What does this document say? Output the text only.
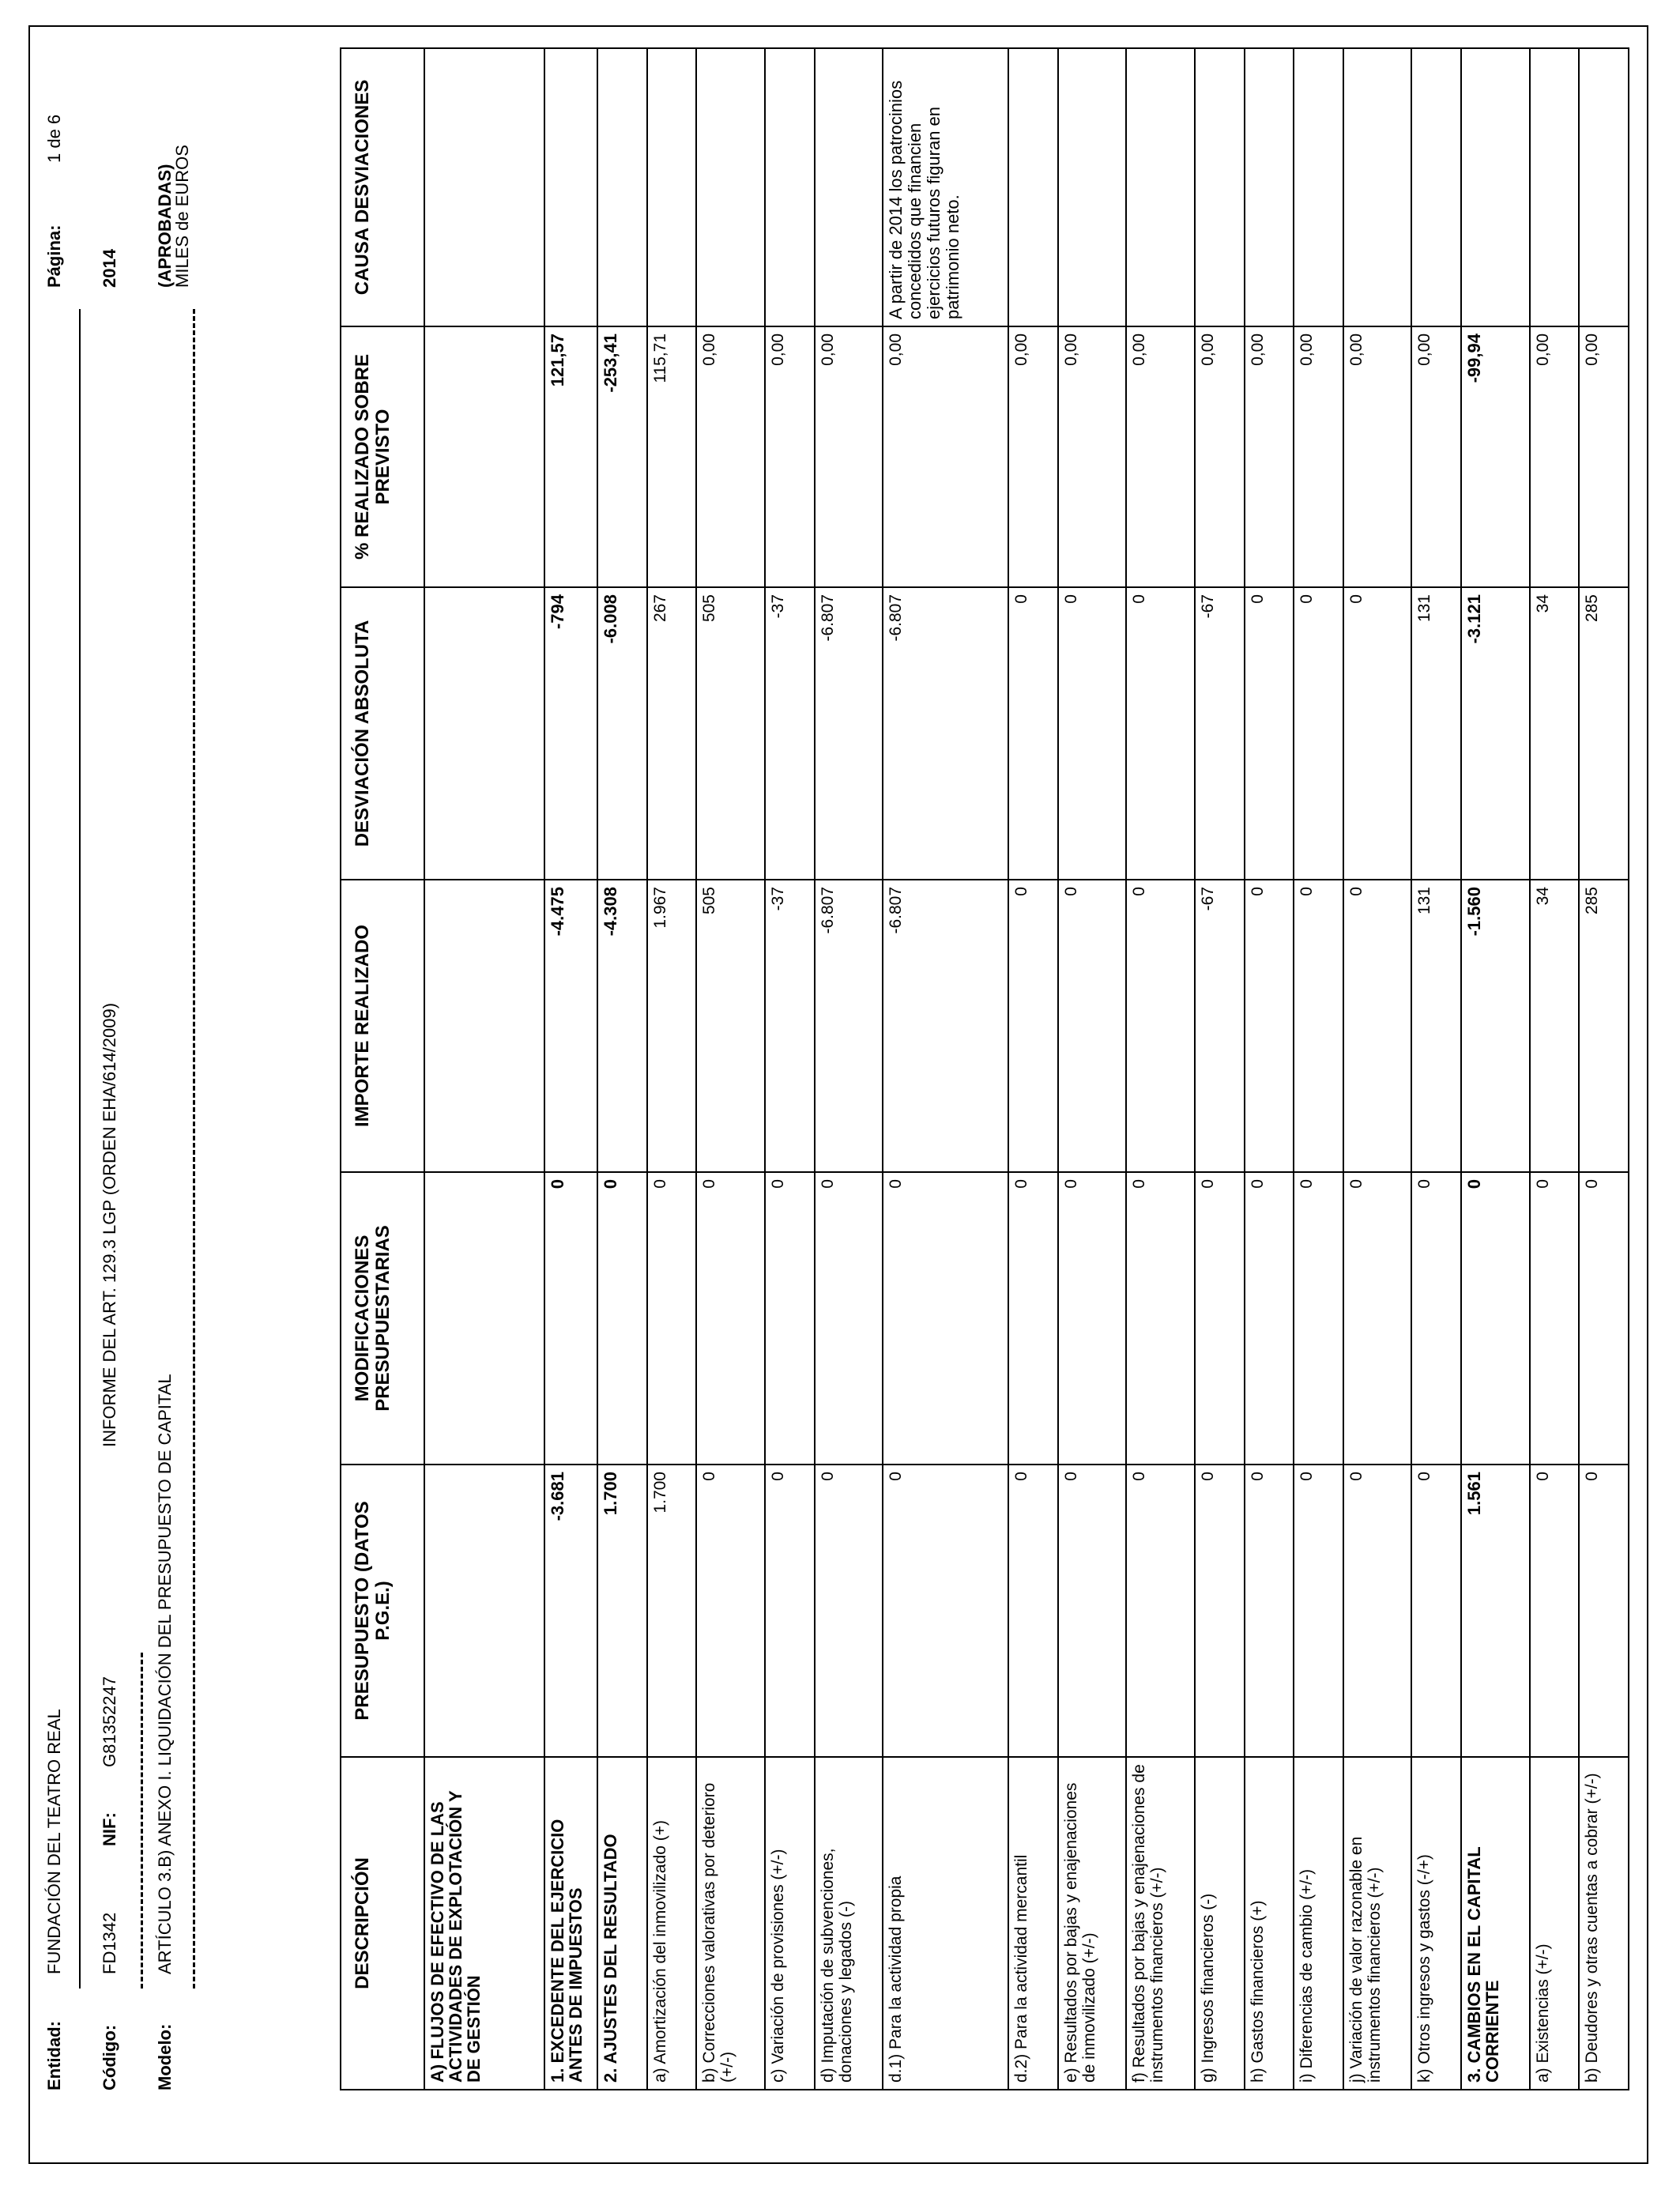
Entidad:
FUNDACIÓN DEL TEATRO REAL
Página:
1 de 6
Código:
FD1342
NIF:
G81352247
INFORME DEL ART. 129.3 LGP (ORDEN EHA/614/2009)
2014
Modelo:
ARTÍCULO 3.B) ANEXO I. LIQUIDACIÓN DEL PRESUPUESTO DE CAPITAL
(APROBADAS)
MILES de EUROS
DESCRIPCIÓN	PRESUPUESTO (DATOS P.G.E.)	MODIFICACIONES PRESUPUESTARIAS	IMPORTE REALIZADO	DESVIACIÓN ABSOLUTA	% REALIZADO SOBRE PREVISTO	CAUSA DESVIACIONES
A) FLUJOS DE EFECTIVO DE LAS ACTIVIDADES DE EXPLOTACIÓN Y DE GESTIÓN						
1. EXCEDENTE DEL EJERCICIO ANTES DE IMPUESTOS	-3.681	0	-4.475	-794	121,57	
2. AJUSTES DEL RESULTADO	1.700	0	-4.308	-6.008	-253,41	
a) Amortización del inmovilizado (+)	1.700	0	1.967	267	115,71	
b) Correcciones valorativas por deterioro (+/-)	0	0	505	505	0,00	
c) Variación de provisiones (+/-)	0	0	-37	-37	0,00	
d) Imputación de subvenciones, donaciones y legados (-)	0	0	-6.807	-6.807	0,00	
d.1) Para la actividad propia	0	0	-6.807	-6.807	0,00	A partir de 2014 los patrocinios concedidos que financien ejercicios futuros figuran en patrimonio neto.
d.2) Para la actividad mercantil	0	0	0	0	0,00	
e) Resultados por bajas y enajenaciones de inmovilizado (+/-)	0	0	0	0	0,00	
f) Resultados por bajas y enajenaciones de instrumentos financieros (+/-)	0	0	0	0	0,00	
g) Ingresos financieros (-)	0	0	-67	-67	0,00	
h) Gastos financieros (+)	0	0	0	0	0,00	
i) Diferencias de cambio (+/-)	0	0	0	0	0,00	
j) Variación de valor razonable en instrumentos financieros (+/-)	0	0	0	0	0,00	
k) Otros ingresos y gastos (-/+)	0	0	131	131	0,00	
3. CAMBIOS EN EL CAPITAL CORRIENTE	1.561	0	-1.560	-3.121	-99,94	
a) Existencias (+/-)	0	0	34	34	0,00	
b) Deudores y otras cuentas a cobrar (+/-)	0	0	285	285	0,00	
